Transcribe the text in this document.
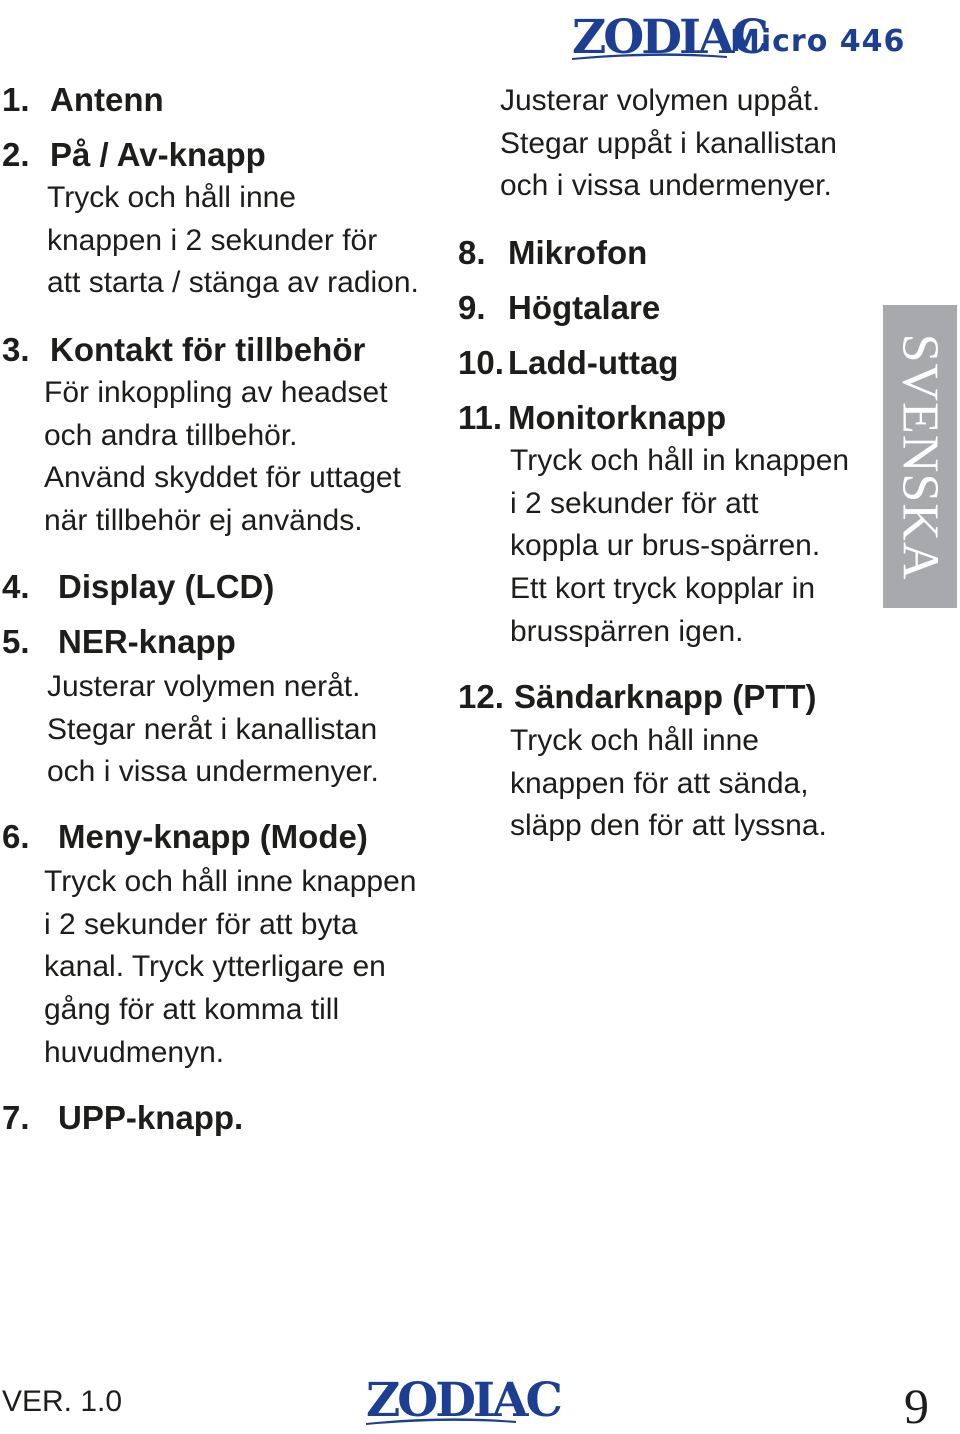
ZODIAC
Micro 446
1. Antenn
2. På / Av-knapp
Tryck och håll inne
knappen i 2 sekunder för
att starta / stänga av radion.
3. Kontakt för tillbehör
För inkoppling av headset
och andra tillbehör.
Använd skyddet för uttaget
när tillbehör ej används.
4. Display (LCD)
5. NER-knapp
Justerar volymen neråt.
Stegar neråt i kanallistan
och i vissa undermenyer.
6. Meny-knapp (Mode)
Tryck och håll inne knappen
i 2 sekunder för att byta
kanal. Tryck ytterligare en
gång för att komma till
huvudmenyn.
7. UPP-knapp.
Justerar volymen uppåt.
Stegar uppåt i kanallistan
och i vissa undermenyer.
8. Mikrofon
9. Högtalare
10. Ladd-uttag
11. Monitorknapp
Tryck och håll in knappen
i 2 sekunder för att
koppla ur brus-spärren.
Ett kort tryck kopplar in
brusspärren igen.
12. Sändarknapp (PTT)
Tryck och håll inne
knappen för att sända,
släpp den för att lyssna.
SVENSKA
VER. 1.0	ZODIAC	9
